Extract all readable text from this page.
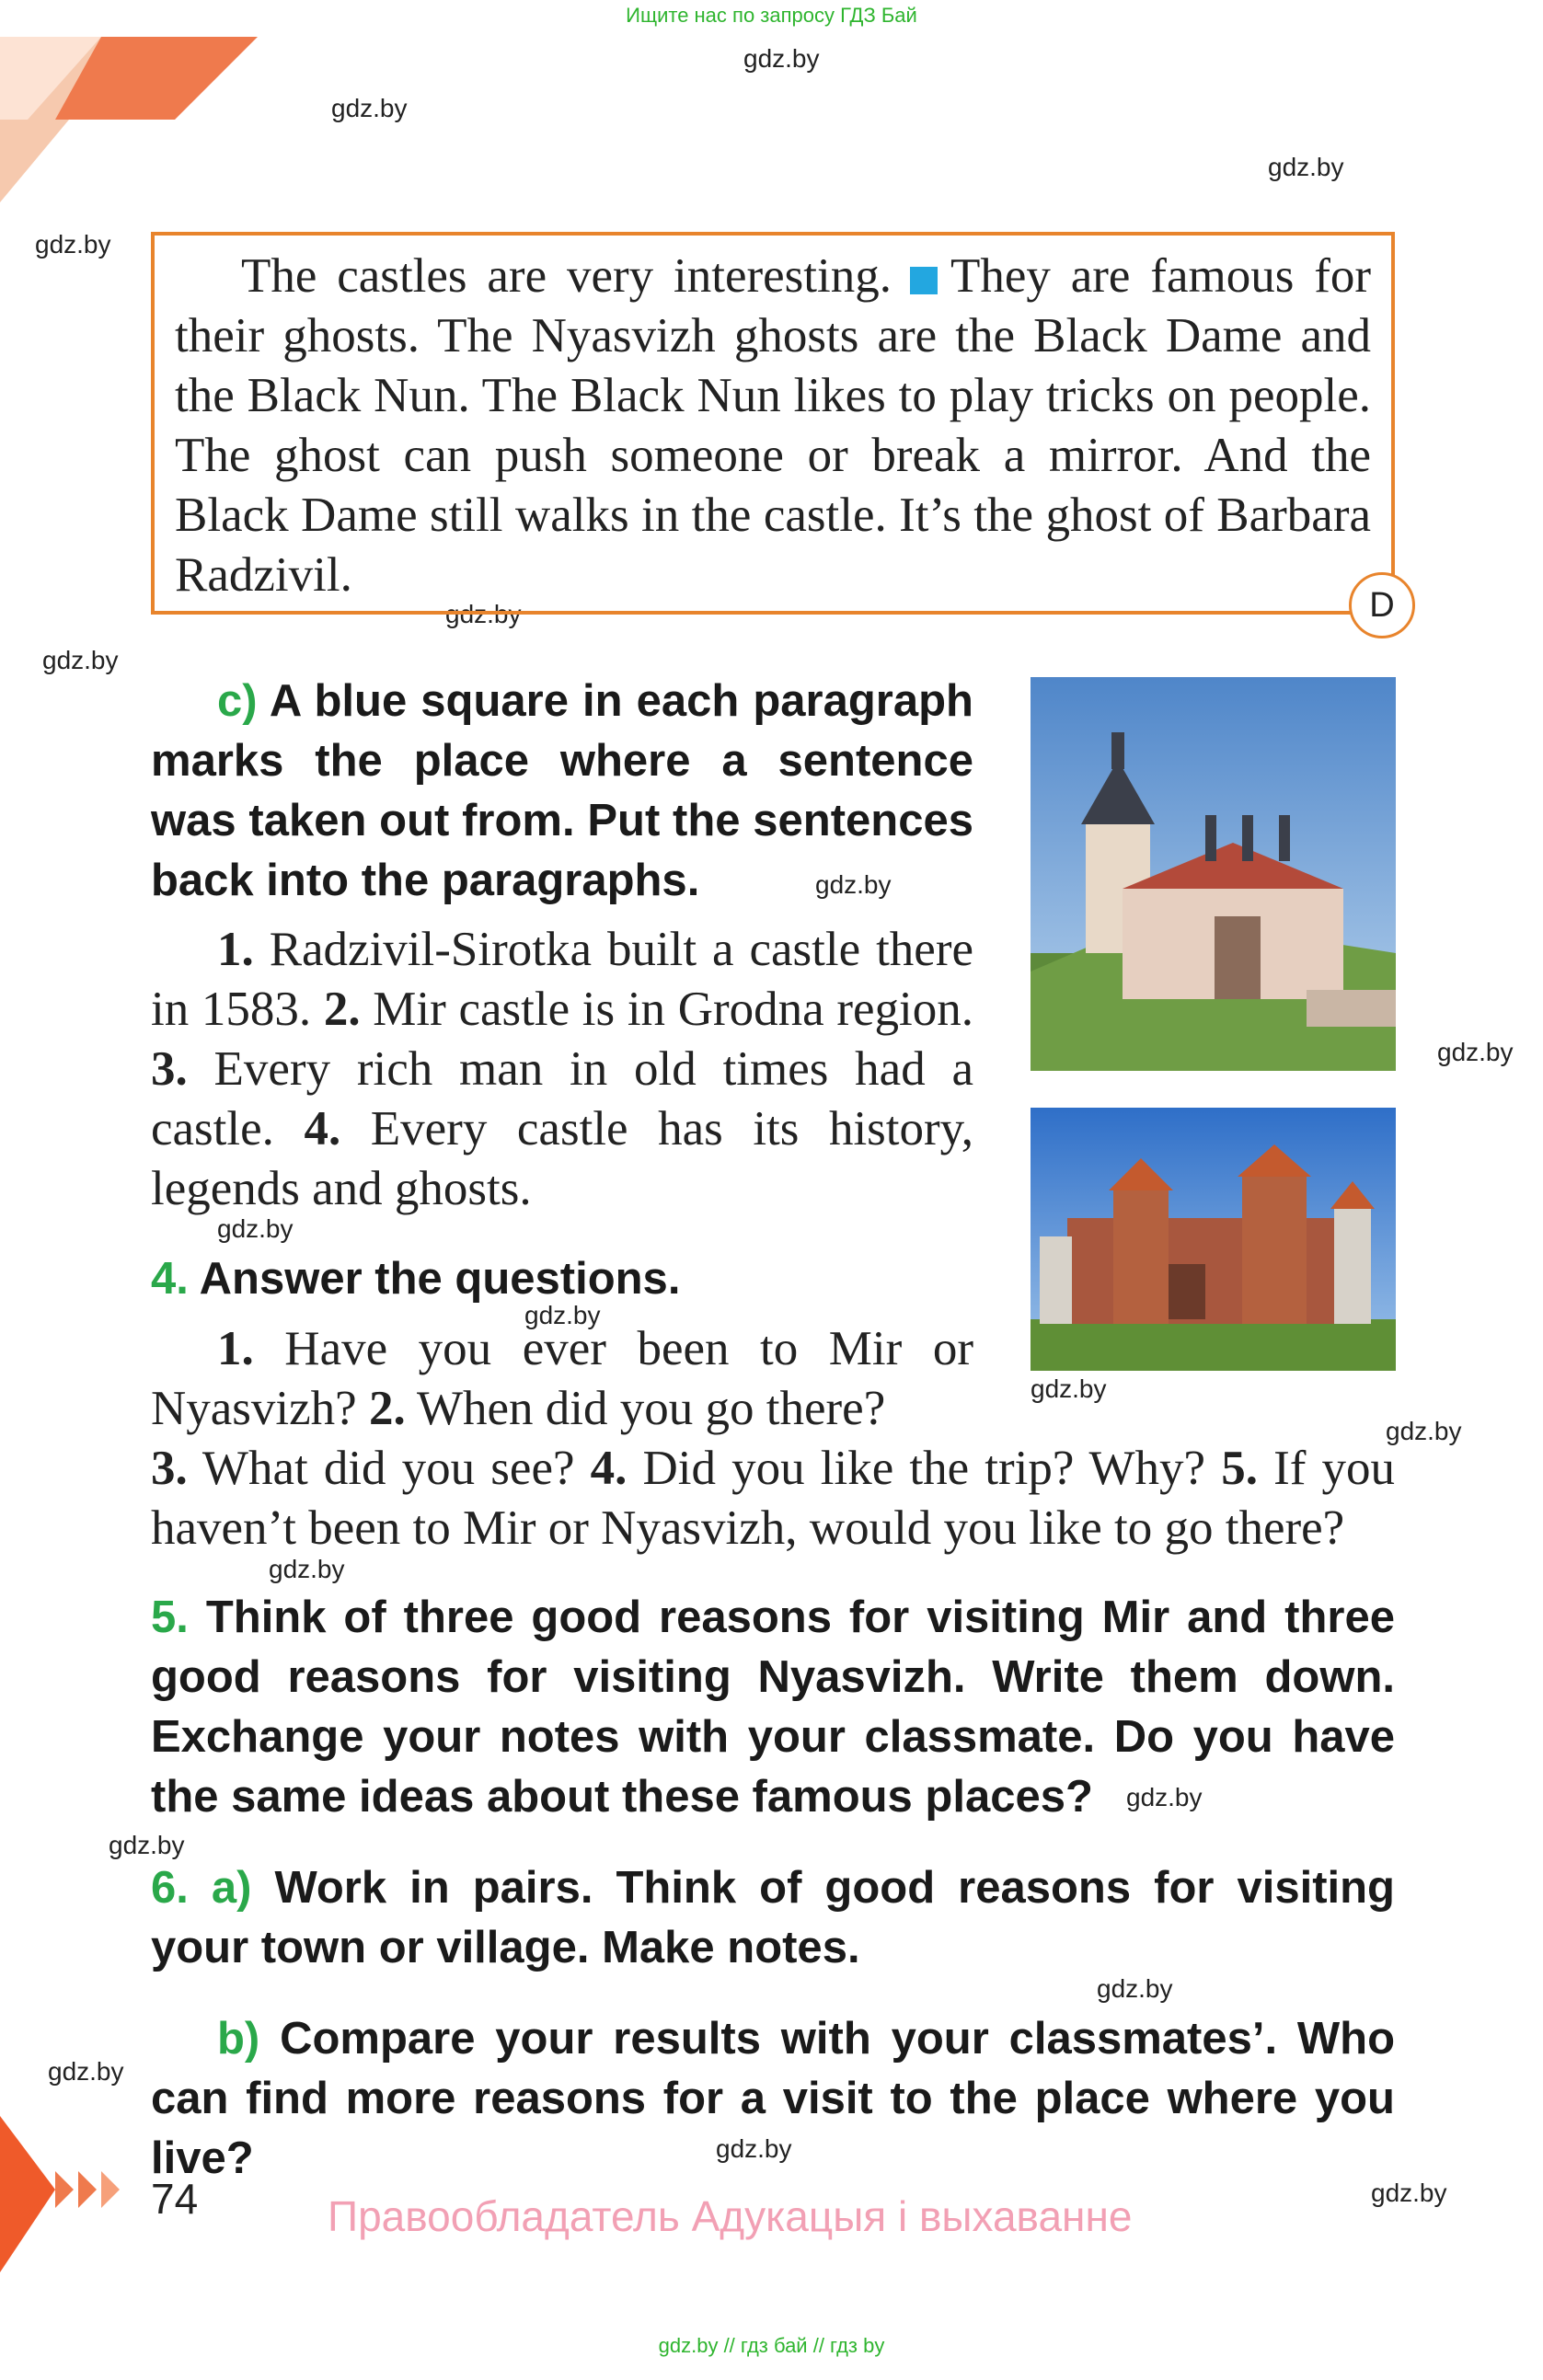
Ищите нас по запросу ГДЗ Бай
gdz.by
gdz.by
gdz.by
gdz.by
gdz.by
gdz.by
gdz.by
gdz.by
gdz.by
gdz.by
gdz.by
gdz.by
gdz.by
gdz.by
gdz.by
gdz.by
gdz.by
gdz.by
gdz.by
The castles are very interesting. They are famous for their ghosts. The Nyasvizh ghosts are the Black Dame and the Black Nun. The Black Nun likes to play tricks on people. The ghost can push someone or break a mirror. And the Black Dame still walks in the castle. It’s the ghost of Barbara Radzivil.
D
c) A blue square in each paragraph marks the place where a sentence was taken out from. Put the sentences back into the paragraphs.
1. Radzivil-Sirotka built a castle there in 1583. 2. Mir castle is in Grodna region. 3. Every rich man in old times had a castle. 4. Every castle has its history, legends and ghosts.
4. Answer the questions.
1. Have you ever been to Mir or Nyasvizh? 2. When did you go there?
3. What did you see? 4. Did you like the trip? Why? 5. If you haven’t been to Mir or Nyasvizh, would you like to go there?
5. Think of three good reasons for visiting Mir and three good reasons for visiting Nyasvizh. Write them down. Exchange your notes with your classmate. Do you have the same ideas about these famous places?
6. a) Work in pairs. Think of good reasons for visiting your town or village. Make notes.
b) Compare your results with your classmates’. Who can find more reasons for a visit to the place where you live?
74	Правообладатель Адукацыя і выхаванне
gdz.by // гдз бай // гдз by
